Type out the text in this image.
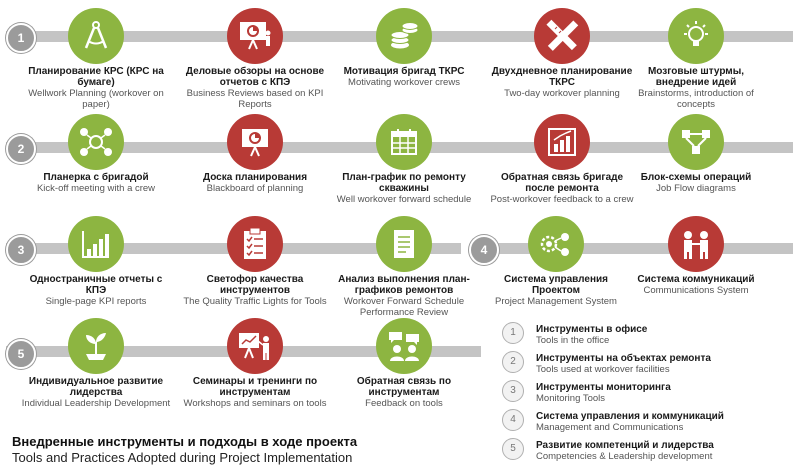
1
2
3	4
5
Планирование КРС (КРС на бумаге)
Wellwork Planning (workover on paper)
Деловые обзоры на основе отчетов с КПЭ
Business Reviews based on KPI Reports
Мотивация бригад ТКРС
Motivating workover crews
Двухдневное планирование ТКРС
Two-day workover planning
Мозговые штурмы, внедрение идей
Brainstorms, introduction of concepts
Планерка с бригадой
Kick-off meeting with a crew
Доска планирования
Blackboard of planning
План-график по ремонту скважины
Well workover forward schedule
Обратная связь бригаде после ремонта
Post-workover feedback to a crew
Блок-схемы операций
Job Flow diagrams
Одностраничные отчеты с КПЭ
Single-page KPI reports
Светофор качества инструментов
The Quality Traffic Lights for Tools
Анализ выполнения план-графиков ремонтов
Workover Forward Schedule Performance Review
Система управления Проектом
Project Management System
Система коммуникаций
Communications System
Индивидуальное развитие лидерства
Individual Leadership Development
Семинары и тренинги по инструментам
Workshops and seminars on tools
Обратная связь по инструментам
Feedback on tools
1	Инструменты в офисе
Tools in the office
2	Инструменты на объектах ремонта
Tools used at workover facilities
3	Инструменты мониторинга
Monitoring Tools
4	Система управления и коммуникаций
Management and Communications
5	Развитие компетенций и лидерства
Competencies & Leadership development
Внедренные инструменты и подходы в ходе проекта
Tools and Practices Adopted during Project Implementation
